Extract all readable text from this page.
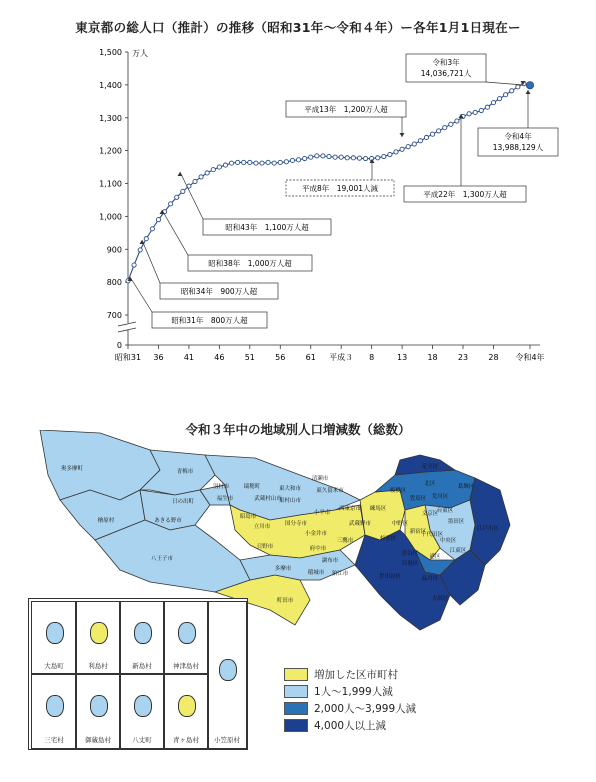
東京都の総人口（推計）の推移（昭和31年〜令和４年）ー各年1月1日現在ー
1,500
1,400
1,300
1,200
1,100
1,000
900
800
700
0
万人
昭和31 36	41	46	51	56	61 平成３ 8	13	18	23	28 令和4年
昭和31年　800万人超
昭和34年　900万人超
昭和38年　1,000万人超
昭和43年　1,100万人超
平成8年　19,001人減
平成13年　1,200万人超
平成22年　1,300万人超
令和3年
14,036,721人
令和4年
13,988,129人
令和３年中の地域別人口増減数（総数）
奥多摩町	青梅市
日の出町
檜原村	あきる野市
八王子市
羽村市	瑞穂町
福生市
昭島市
立川市
日野市
多摩市
稲城市
町田市
東大和市
武蔵村山市
清瀬市
東久留米市
東村山市
小平市
西東京市
国分寺市
小金井市
府中市
調布市
狛江市
三鷹市
武蔵野市
練馬区
板橋区
北区
足立区
葛飾区
江戸川区
杉並区
中野区
豊島区
文京区
台東区
墨田区
世田谷区
渋谷区
新宿区
千代田区
中央区
港区
江東区
目黒区
品川区
大田区
荒川区
増加した区市町村
1人〜1,999人減
2,000人〜3,999人減
4,000人以上減
大島町	利島村	新島村	神津島村
三宅村	御蔵島村	八丈町	青ヶ島村	小笠原村
